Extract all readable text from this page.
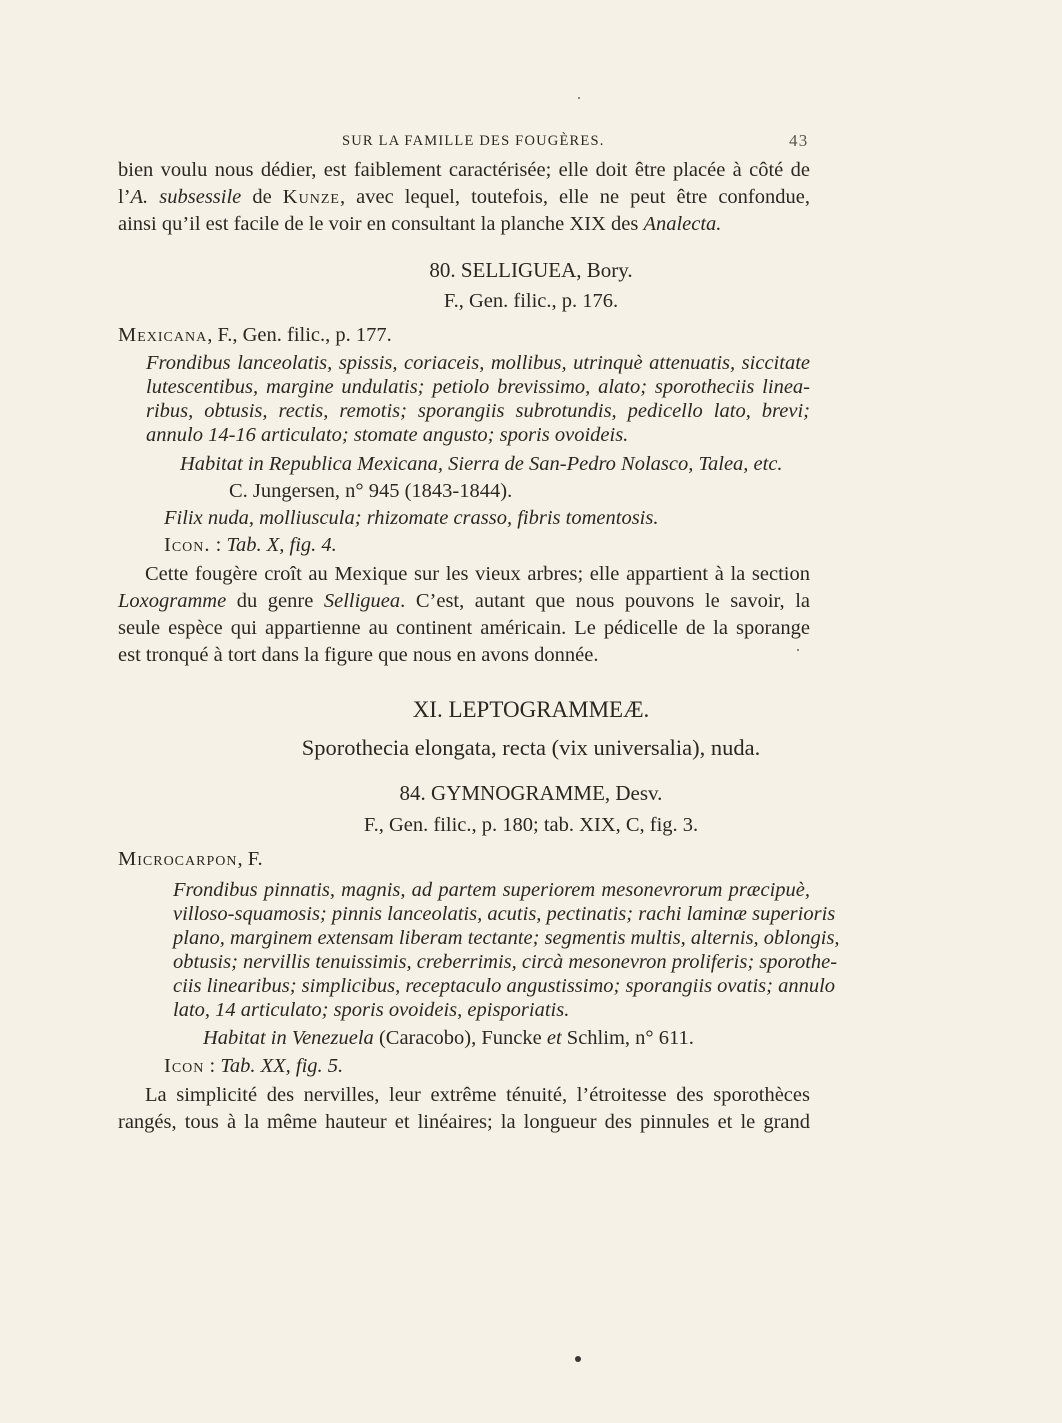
SUR LA FAMILLE DES FOUGÈRES.	43
bien voulu nous dédier, est faiblement caractérisée; elle doit être placée à côté de
l’A. subsessile de Kunze, avec lequel, toutefois, elle ne peut être confondue,
ainsi qu’il est facile de le voir en consultant la planche XIX des Analecta.
80. SELLIGUEA, Bory.
F., Gen. filic., p. 176.
Mexicana, F., Gen. filic., p. 177.
Frondibus lanceolatis, spissis, coriaceis, mollibus, utrinquè attenuatis, siccitate
lutescentibus, margine undulatis; petiolo brevissimo, alato; sporotheciis linea-
ribus, obtusis, rectis, remotis; sporangiis subrotundis, pedicello lato, brevi;
annulo 14-16 articulato; stomate angusto; sporis ovoideis.
Habitat in Republica Mexicana, Sierra de San-Pedro Nolasco, Talea, etc.
C. Jungersen, n° 945 (1843-1844).
Filix nuda, molliuscula; rhizomate crasso, fibris tomentosis.
Icon. : Tab. X, fig. 4.
Cette fougère croît au Mexique sur les vieux arbres; elle appartient à la section
Loxogramme du genre Selliguea. C’est, autant que nous pouvons le savoir, la
seule espèce qui appartienne au continent américain. Le pédicelle de la sporange
est tronqué à tort dans la figure que nous en avons donnée.
XI. LEPTOGRAMMEÆ.
Sporothecia elongata, recta (vix universalia), nuda.
84. GYMNOGRAMME, Desv.
F., Gen. filic., p. 180; tab. XIX, C, fig. 3.
Microcarpon, F.
Frondibus pinnatis, magnis, ad partem superiorem mesonevrorum præcipuè,
villoso-squamosis; pinnis lanceolatis, acutis, pectinatis; rachi laminæ superioris
plano, marginem extensam liberam tectante; segmentis multis, alternis, oblongis,
obtusis; nervillis tenuissimis, creberrimis, circà mesonevron proliferis; sporothe-
ciis linearibus; simplicibus, receptaculo angustissimo; sporangiis ovatis; annulo
lato, 14 articulato; sporis ovoideis, episporiatis.
Habitat in Venezuela (Caracobo), Funcke et Schlim, n° 611.
Icon : Tab. XX, fig. 5.
La simplicité des nervilles, leur extrême ténuité, l’étroitesse des sporothèces
rangés, tous à la même hauteur et linéaires; la longueur des pinnules et le grand
